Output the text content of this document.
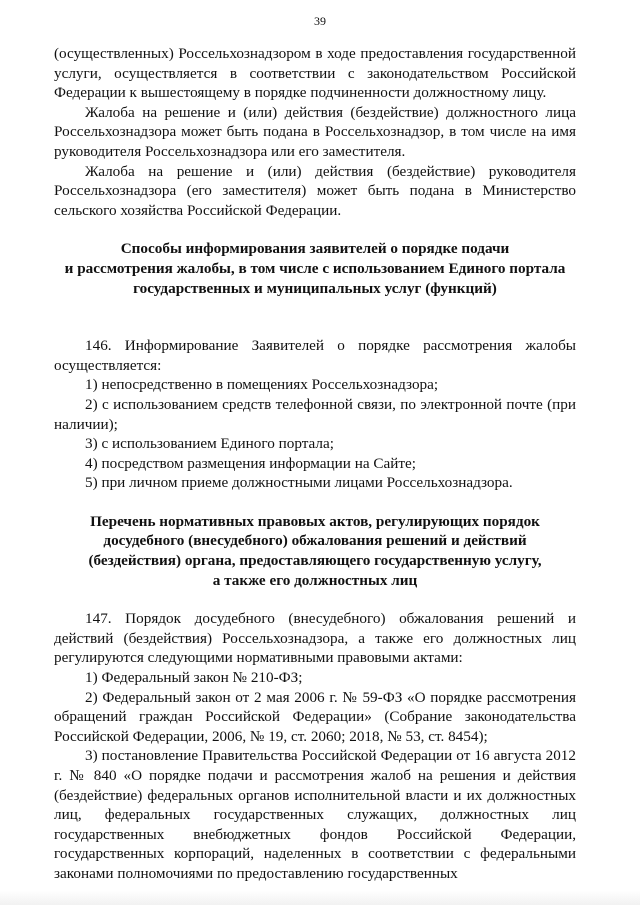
39

(осуществленных) Россельхознадзором в ходе предоставления государственной услуги, осуществляется в соответствии с законодательством Российской Федерации к вышестоящему в порядке подчиненности должностному лицу.

Жалоба на решение и (или) действия (бездействие) должностного лица Россельхознадзора может быть подана в Россельхознадзор, в том числе на имя руководителя Россельхознадзора или его заместителя.

Жалоба на решение и (или) действия (бездействие) руководителя Россельхознадзора (его заместителя) может быть подана в Министерство сельского хозяйства Российской Федерации.

Способы информирования заявителей о порядке подачи
и рассмотрения жалобы, в том числе с использованием Единого портала
государственных и муниципальных услуг (функций)

146. Информирование Заявителей о порядке рассмотрения жалобы осуществляется:

1) непосредственно в помещениях Россельхознадзора;

2) с использованием средств телефонной связи, по электронной почте (при наличии);

3) с использованием Единого портала;

4) посредством размещения информации на Сайте;

5) при личном приеме должностными лицами Россельхознадзора.

Перечень нормативных правовых актов, регулирующих порядок
досудебного (внесудебного) обжалования решений и действий
(бездействия) органа, предоставляющего государственную услугу,
а также его должностных лиц

147. Порядок досудебного (внесудебного) обжалования решений и действий (бездействия) Россельхознадзора, а также его должностных лиц регулируются следующими нормативными правовыми актами:

1) Федеральный закон № 210-ФЗ;

2) Федеральный закон от 2 мая 2006 г. № 59-ФЗ «О порядке рассмотрения обращений граждан Российской Федерации» (Собрание законодательства Российской Федерации, 2006, № 19, ст. 2060; 2018, № 53, ст. 8454);

3) постановление Правительства Российской Федерации от 16 августа 2012 г. № 840 «О порядке подачи и рассмотрения жалоб на решения и действия (бездействие) федеральных органов исполнительной власти и их должностных лиц, федеральных государственных служащих, должностных лиц государственных внебюджетных фондов Российской Федерации, государственных корпораций, наделенных в соответствии с федеральными законами полномочиями по предоставлению государственных
